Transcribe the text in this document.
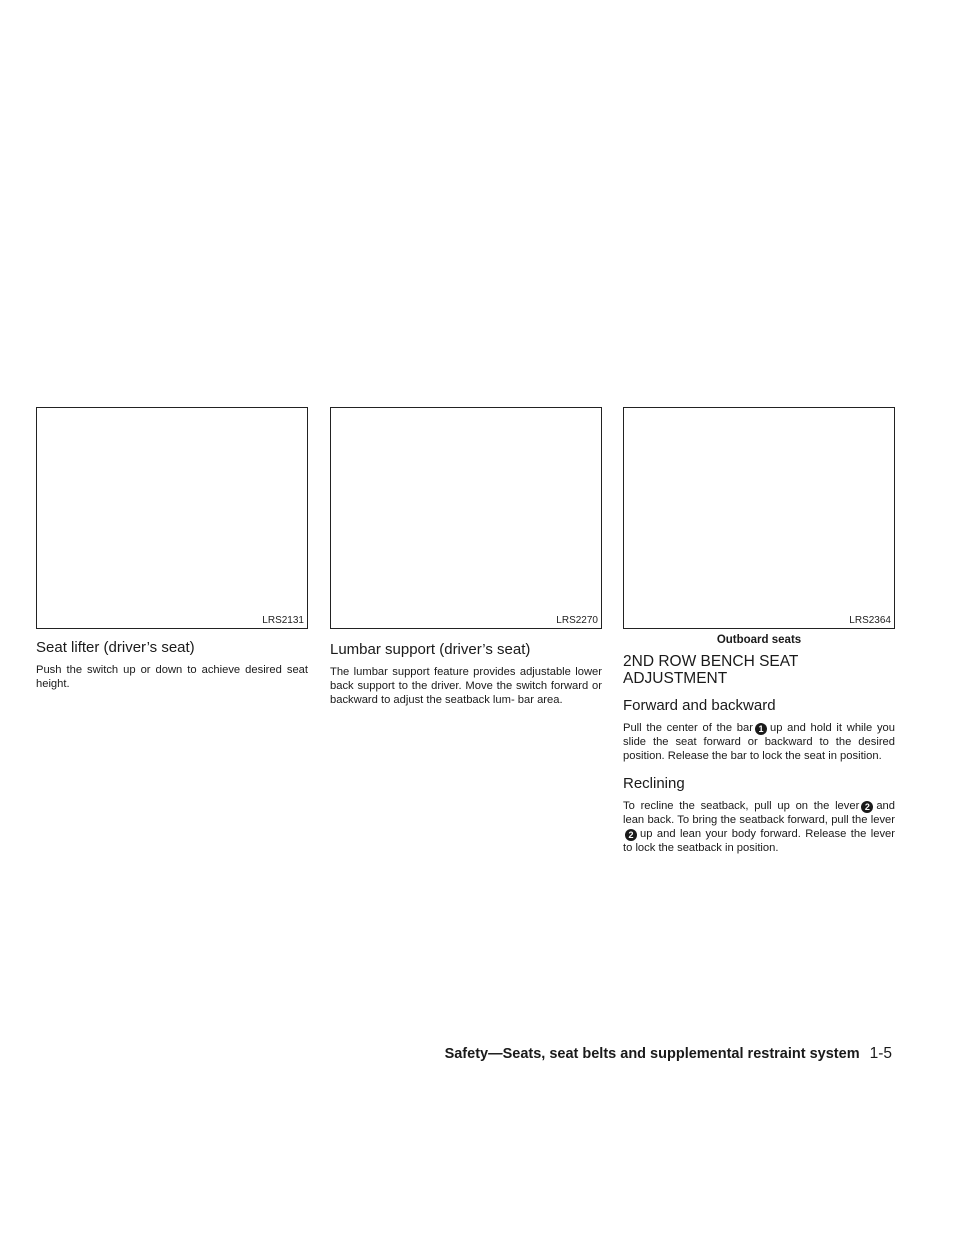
LRS2131
Seat lifter (driver’s seat)

Push the switch up or down to achieve desired seat height.

LRS2270
Lumbar support (driver’s seat)

The lumbar support feature provides adjustable lower back support to the driver. Move the switch forward or backward to adjust the seatback lum- bar area.

LRS2364
Outboard seats
2ND ROW BENCH SEAT ADJUSTMENT
Forward and backward

Pull the center of the bar 1 up and hold it while you slide the seat forward or backward to the desired position. Release the bar to lock the seat in position.

Reclining

To recline the seatback, pull up on the lever 2 and lean back. To bring the seatback forward, pull the lever2 up and lean your body forward. Release the lever to lock the seatback in position.

Safety—Seats, seat belts and supplemental restraint system 1-5
